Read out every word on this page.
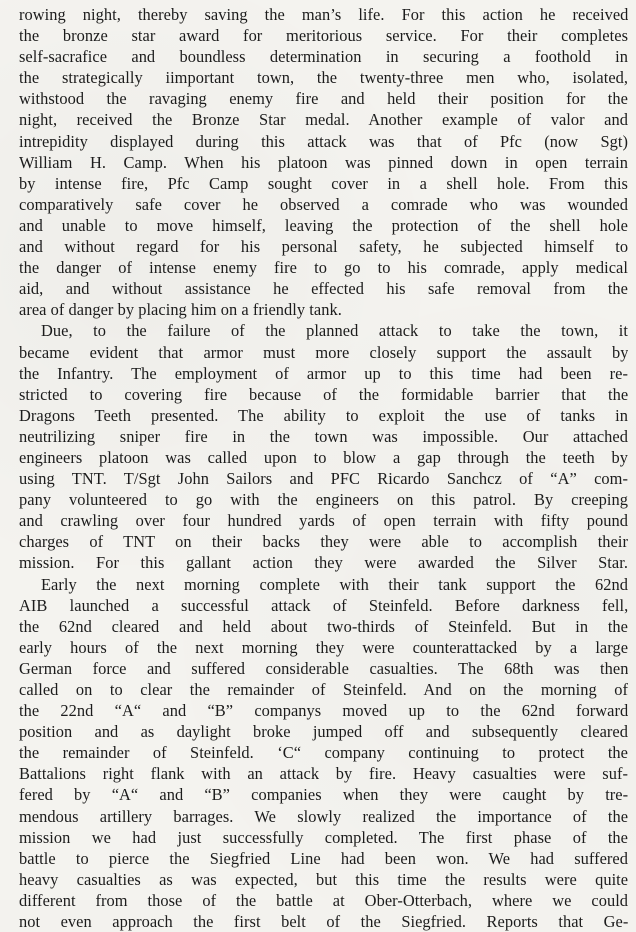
rowing night, thereby saving the man’s life. For this action he received
the bronze star award for meritorious service. For their completes
self-sacrafice and boundless determination in securing a foothold in
the strategically iimportant town, the twenty-three men who, isolated,
withstood the ravaging enemy fire and held their position for the
night, received the Bronze Star medal. Another example of valor and
intrepidity displayed during this attack was that of Pfc (now Sgt)
William H. Camp. When his platoon was pinned down in open terrain
by intense fire, Pfc Camp sought cover in a shell hole. From this
comparatively safe cover he observed a comrade who was wounded
and unable to move himself, leaving the protection of the shell hole
and without regard for his personal safety, he subjected himself to
the danger of intense enemy fire to go to his comrade, apply medical
aid, and without assistance he effected his safe removal from the
area of danger by placing him on a friendly tank.
Due, to the failure of the planned attack to take the town, it
became evident that armor must more closely support the assault by
the Infantry. The employment of armor up to this time had been re-
stricted to covering fire because of the formidable barrier that the
Dragons Teeth presented. The ability to exploit the use of tanks in
neutrilizing sniper fire in the town was impossible. Our attached
engineers platoon was called upon to blow a gap through the teeth by
using TNT. T/Sgt John Sailors and PFC Ricardo Sanchcz of “A” com-
pany volunteered to go with the engineers on this patrol. By creeping
and crawling over four hundred yards of open terrain with fifty pound
charges of TNT on their backs they were able to accomplish their
mission. For this gallant action they were awarded the Silver Star.
Early the next morning complete with their tank support the 62nd
AIB launched a successful attack of Steinfeld. Before darkness fell,
the 62nd cleared and held about two-thirds of Steinfeld. But in the
early hours of the next morning they were counterattacked by a large
German force and suffered considerable casualties. The 68th was then
called on to clear the remainder of Steinfeld. And on the morning of
the 22nd “A“ and “B” companys moved up to the 62nd forward
position and as daylight broke jumped off and subsequently cleared
the remainder of Steinfeld. ‘C“ company continuing to protect the
Battalions right flank with an attack by fire. Heavy casualties were suf-
fered by “A“ and “B” companies when they were caught by tre-
mendous artillery barrages. We slowly realized the importance of the
mission we had just successfully completed. The first phase of the
battle to pierce the Siegfried Line had been won. We had suffered
heavy casualties as was expected, but this time the results were quite
different from those of the battle at Ober-Otterbach, where we could
not even approach the first belt of the Siegfried. Reports that Ge-
